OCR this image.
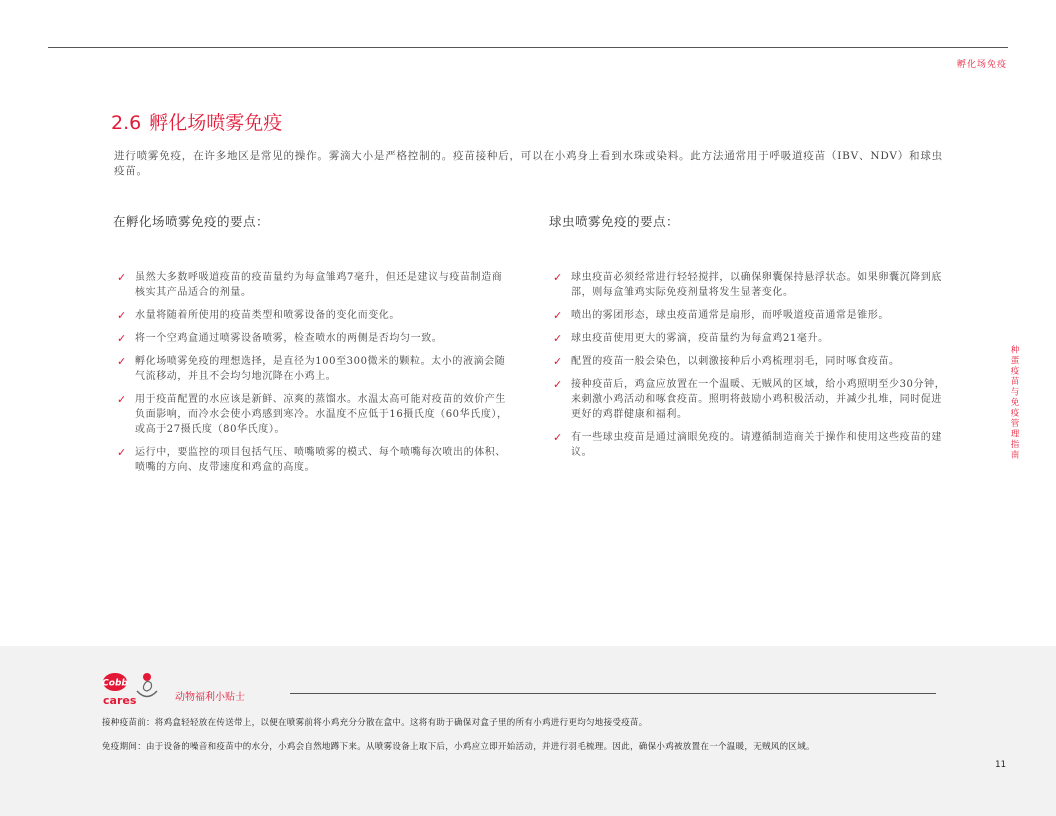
孵化场免疫
2.6 孵化场喷雾免疫

进行喷雾免疫，在许多地区是常见的操作。雾滴大小是严格控制的。疫苗接种后，可以在小鸡身上看到水珠或染料。此方法通常用于呼吸道疫苗（IBV、NDV）和球虫疫苗。

在孵化场喷雾免疫的要点：
✓ 虽然大多数呼吸道疫苗的疫苗量约为每盒雏鸡7毫升，但还是建议与疫苗制造商核实其产品适合的剂量。
✓ 水量将随着所使用的疫苗类型和喷雾设备的变化而变化。
✓ 将一个空鸡盒通过喷雾设备喷雾，检查喷水的两侧是否均匀一致。
✓ 孵化场喷雾免疫的理想选择，是直径为100至300微米的颗粒。太小的液滴会随气流移动，并且不会均匀地沉降在小鸡上。
✓ 用于疫苗配置的水应该是新鲜、凉爽的蒸馏水。水温太高可能对疫苗的效价产生负面影响，而冷水会使小鸡感到寒冷。水温度不应低于16摄氏度（60华氏度），或高于27摄氏度（80华氏度）。
✓ 运行中，要监控的项目包括气压、喷嘴喷雾的模式、每个喷嘴每次喷出的体积、喷嘴的方向、皮带速度和鸡盒的高度。
球虫喷雾免疫的要点：
✓ 球虫疫苗必须经常进行轻轻搅拌，以确保卵囊保持悬浮状态。如果卵囊沉降到底部，则每盒雏鸡实际免疫剂量将发生显著变化。
✓ 喷出的雾团形态，球虫疫苗通常是扇形，而呼吸道疫苗通常是锥形。
✓ 球虫疫苗使用更大的雾滴，疫苗量约为每盒鸡21毫升。
✓ 配置的疫苗一般会染色，以刺激接种后小鸡梳理羽毛，同时啄食疫苗。
✓ 接种疫苗后，鸡盒应放置在一个温暖、无贼风的区域，给小鸡照明至少30分钟，来刺激小鸡活动和啄食疫苗。照明将鼓励小鸡积极活动，并减少扎堆，同时促进更好的鸡群健康和福利。
✓ 有一些球虫疫苗是通过滴眼免疫的。请遵循制造商关于操作和使用这些疫苗的建议。	种蛋疫苗与免疫管理指南
Cobb
cares	动物福利小贴士

接种疫苗前：将鸡盒轻轻放在传送带上，以便在喷雾前将小鸡充分分散在盒中。这将有助于确保对盒子里的所有小鸡进行更均匀地接受疫苗。

免疫期间：由于设备的噪音和疫苗中的水分，小鸡会自然地蹲下来。从喷雾设备上取下后，小鸡应立即开始活动，并进行羽毛梳理。因此，确保小鸡被放置在一个温暖，无贼风的区域。

11
